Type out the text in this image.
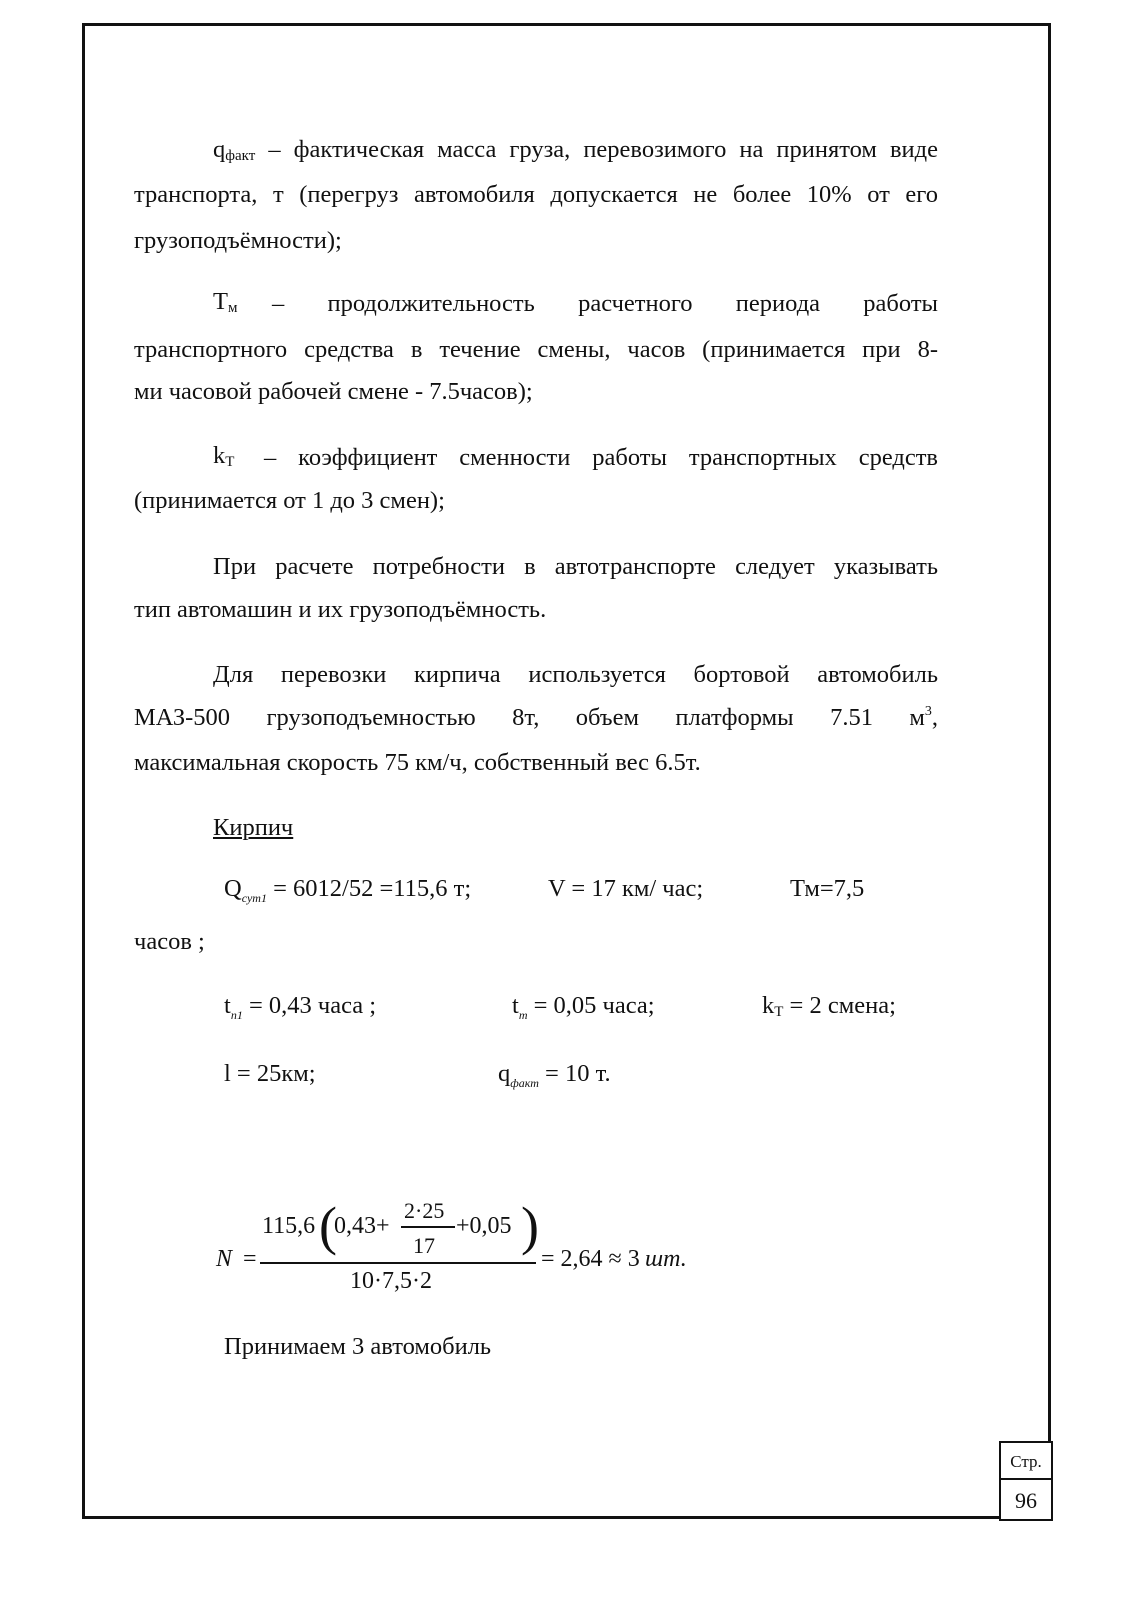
qфакт – фактическая масса груза, перевозимого на принятом виде
транспорта, т (перегруз автомобиля допускается не более 10% от его
грузоподъёмности);
Тм – продолжительность расчетного периода работы
транспортного средства в течение смены, часов (принимается при 8-
ми часовой рабочей смене - 7.5часов);
kТ – коэффициент сменности работы транспортных средств
(принимается от 1 до 3 смен);
При расчете потребности в автотранспорте следует указывать
тип автомашин и их грузоподъёмность.
Для перевозки кирпича используется бортовой автомобиль
МАЗ-500 грузоподъемностью 8т, объем платформы 7.51 $м^3$,
максимальная скорость 75 км/ч, собственный вес 6.5т.
Кирпич
$Q_{сут1} = 6012/52 =115,6$ т;	V = 17 км/ час;	Тм=7,5
часов ;
$t_{п1} = 0,43$ часа ;	$t_т = 0,05$ часа;	kТ = 2 смена;
l = 25км;	$q_{факт} = 10$ т.
N =
115,6 (
0,43+
2·25
17
+0,05 )
10·7,5·2
= 2,64 ≈ 3 шт.
Принимаем 3 автомобиль
Стр.
96
